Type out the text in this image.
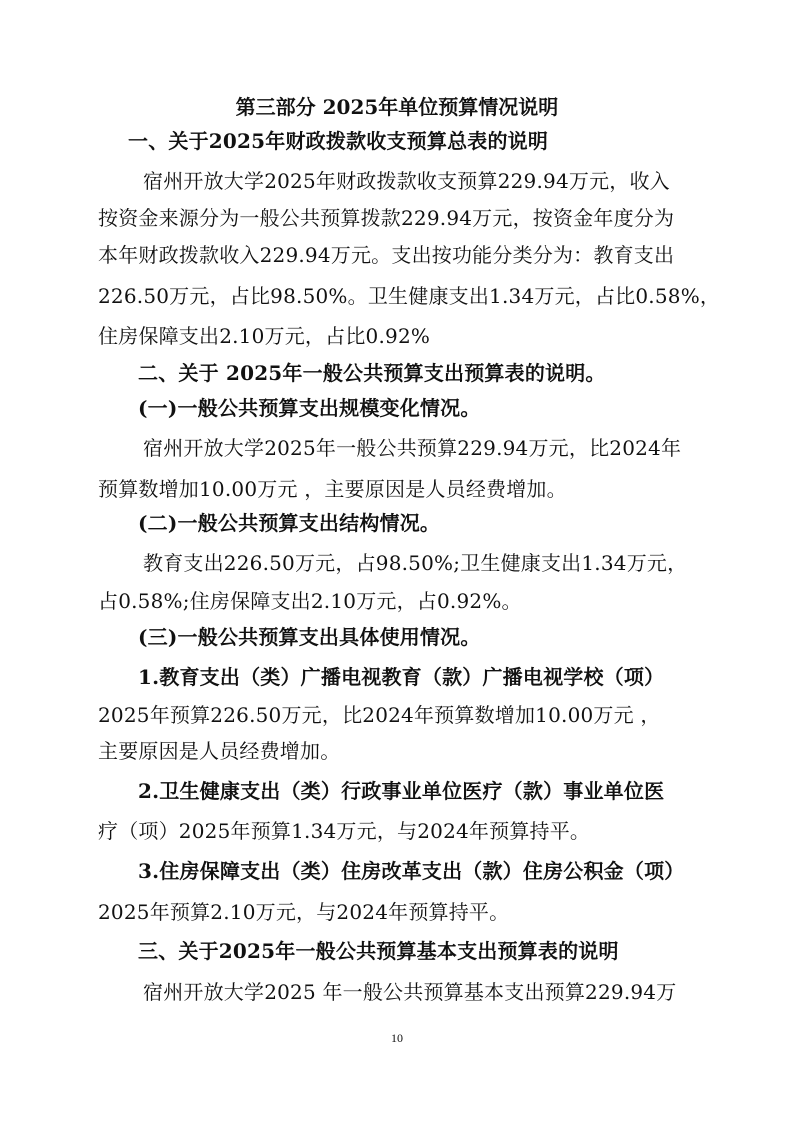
第三部分 2025年单位预算情况说明
一、关于2025年财政拨款收支预算总表的说明
宿州开放大学2025年财政拨款收支预算229.94万元，收入
按资金来源分为一般公共预算拨款229.94万元，按资金年度分为
本年财政拨款收入229.94万元。支出按功能分类分为：教育支出
226.50万元，占比98.50%。卫生健康支出1.34万元，占比0.58%，
住房保障支出2.10万元，占比0.92%
二、关于 2025年一般公共预算支出预算表的说明。
(一)一般公共预算支出规模变化情况。
宿州开放大学2025年一般公共预算229.94万元，比2024年
预算数增加10.00万元 ，主要原因是人员经费增加。
(二)一般公共预算支出结构情况。
教育支出226.50万元，占98.50%;卫生健康支出1.34万元，
占0.58%;住房保障支出2.10万元，占0.92%。
(三)一般公共预算支出具体使用情况。
1.教育支出（类）广播电视教育（款）广播电视学校（项）
2025年预算226.50万元，比2024年预算数增加10.00万元 ，
主要原因是人员经费增加。
2.卫生健康支出（类）行政事业单位医疗（款）事业单位医
疗（项）2025年预算1.34万元，与2024年预算持平。
3.住房保障支出（类）住房改革支出（款）住房公积金（项）
2025年预算2.10万元，与2024年预算持平。
三、关于2025年一般公共预算基本支出预算表的说明
宿州开放大学2025 年一般公共预算基本支出预算229.94万
10
